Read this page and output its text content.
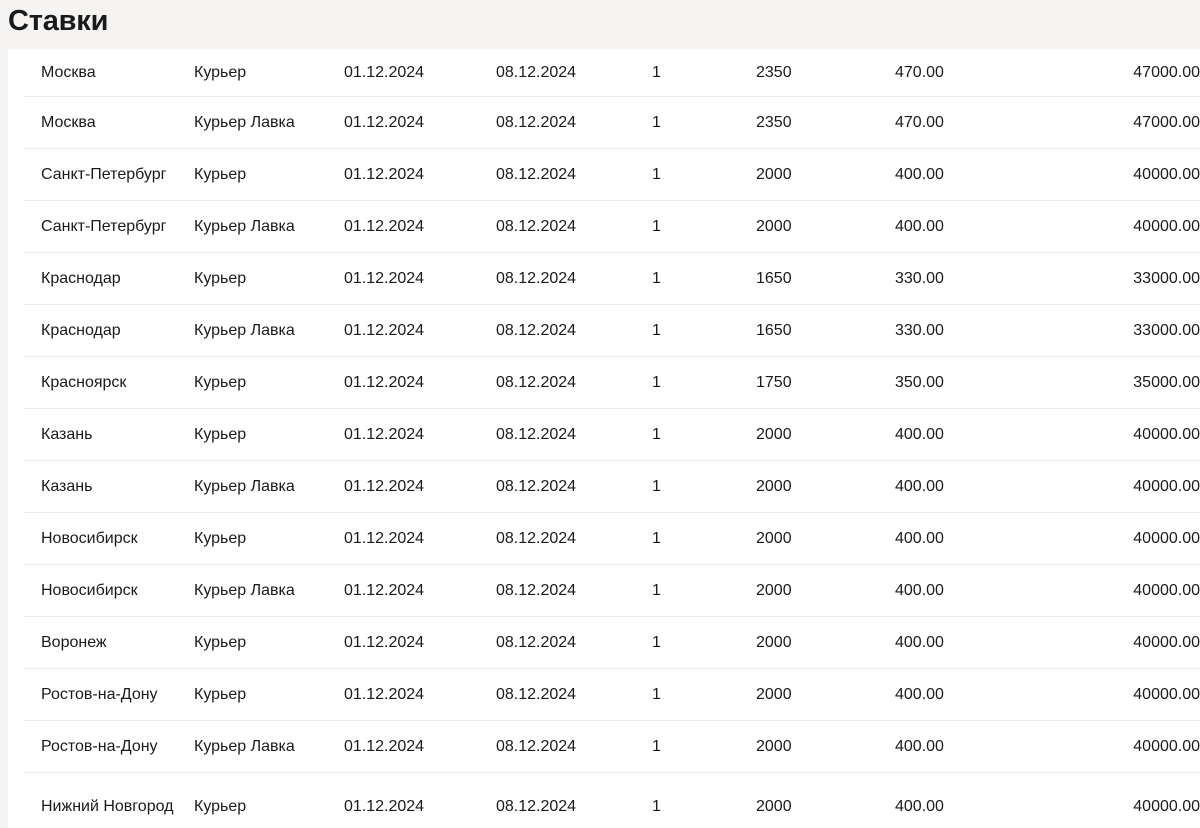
Ставки
Москва	Курьер	01.12.2024	08.12.2024	1	2350	470.00	47000.00
Москва	Курьер Лавка	01.12.2024	08.12.2024	1	2350	470.00	47000.00
Санкт-Петербург	Курьер	01.12.2024	08.12.2024	1	2000	400.00	40000.00
Санкт-Петербург	Курьер Лавка	01.12.2024	08.12.2024	1	2000	400.00	40000.00
Краснодар	Курьер	01.12.2024	08.12.2024	1	1650	330.00	33000.00
Краснодар	Курьер Лавка	01.12.2024	08.12.2024	1	1650	330.00	33000.00
Красноярск	Курьер	01.12.2024	08.12.2024	1	1750	350.00	35000.00
Казань	Курьер	01.12.2024	08.12.2024	1	2000	400.00	40000.00
Казань	Курьер Лавка	01.12.2024	08.12.2024	1	2000	400.00	40000.00
Новосибирск	Курьер	01.12.2024	08.12.2024	1	2000	400.00	40000.00
Новосибирск	Курьер Лавка	01.12.2024	08.12.2024	1	2000	400.00	40000.00
Воронеж	Курьер	01.12.2024	08.12.2024	1	2000	400.00	40000.00
Ростов-на-Дону	Курьер	01.12.2024	08.12.2024	1	2000	400.00	40000.00
Ростов-на-Дону	Курьер Лавка	01.12.2024	08.12.2024	1	2000	400.00	40000.00
Нижний Новгород	Курьер	01.12.2024	08.12.2024	1	2000	400.00	40000.00
